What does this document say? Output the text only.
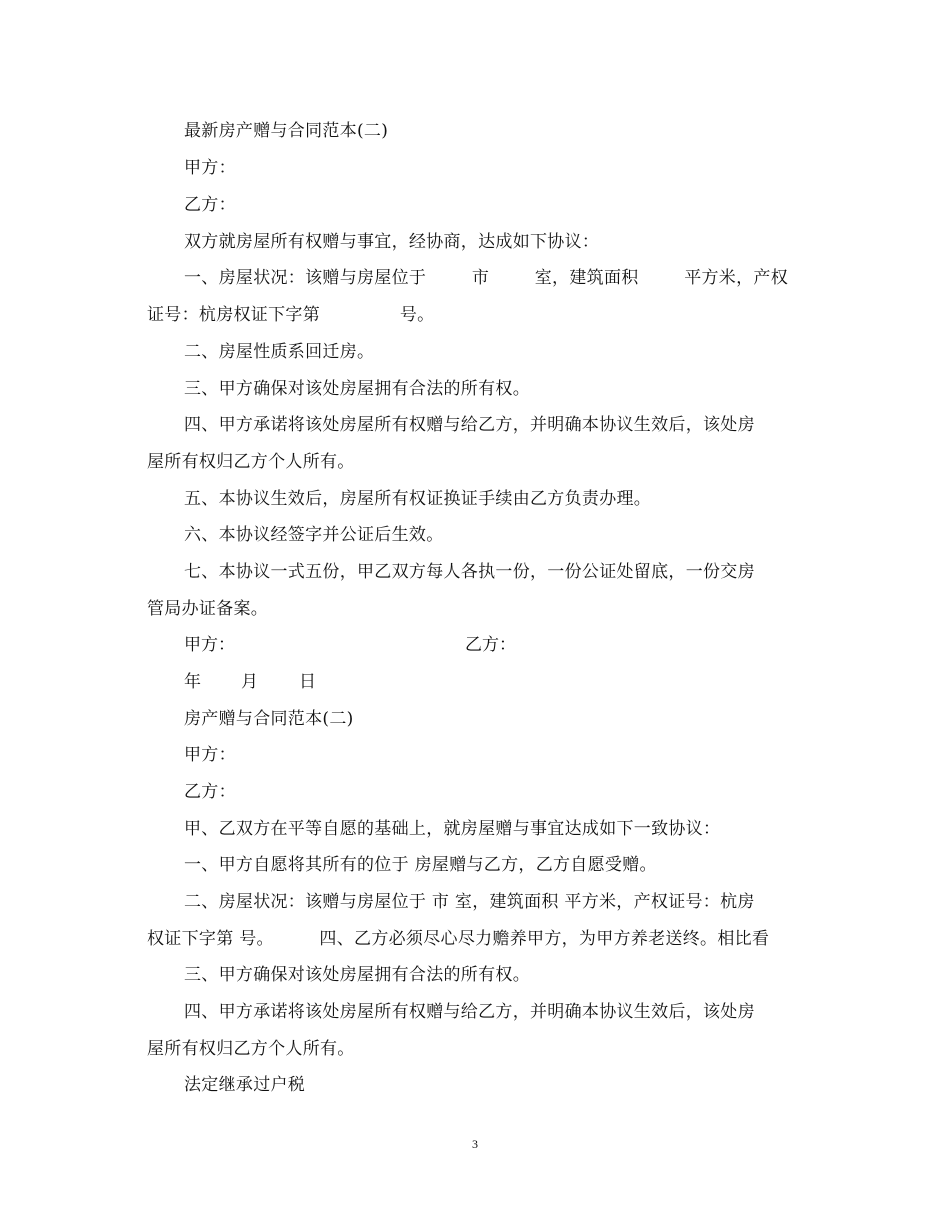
最新房产赠与合同范本(二)
甲方：
乙方：
双方就房屋所有权赠与事宜，经协商，达成如下协议：
一、房屋状况：该赠与房屋位于        市        室，建筑面积        平方米，产权
证号：杭房权证下字第              号。
二、房屋性质系回迁房。
三、甲方确保对该处房屋拥有合法的所有权。
四、甲方承诺将该处房屋所有权赠与给乙方，并明确本协议生效后，该处房
屋所有权归乙方个人所有。
五、本协议生效后，房屋所有权证换证手续由乙方负责办理。
六、本协议经签字并公证后生效。
七、本协议一式五份，甲乙双方每人各执一份，一份公证处留底，一份交房
管局办证备案。
甲方：	乙方：
年 月 日
房产赠与合同范本(二)
甲方：
乙方：
甲、乙双方在平等自愿的基础上，就房屋赠与事宜达成如下一致协议：
一、甲方自愿将其所有的位于 房屋赠与乙方，乙方自愿受赠。
二、房屋状况：该赠与房屋位于 市 室，建筑面积 平方米，产权证号：杭房
权证下字第 号。        四、乙方必须尽心尽力赡养甲方，为甲方养老送终。相比看
三、甲方确保对该处房屋拥有合法的所有权。
四、甲方承诺将该处房屋所有权赠与给乙方，并明确本协议生效后，该处房
屋所有权归乙方个人所有。
法定继承过户税
3
